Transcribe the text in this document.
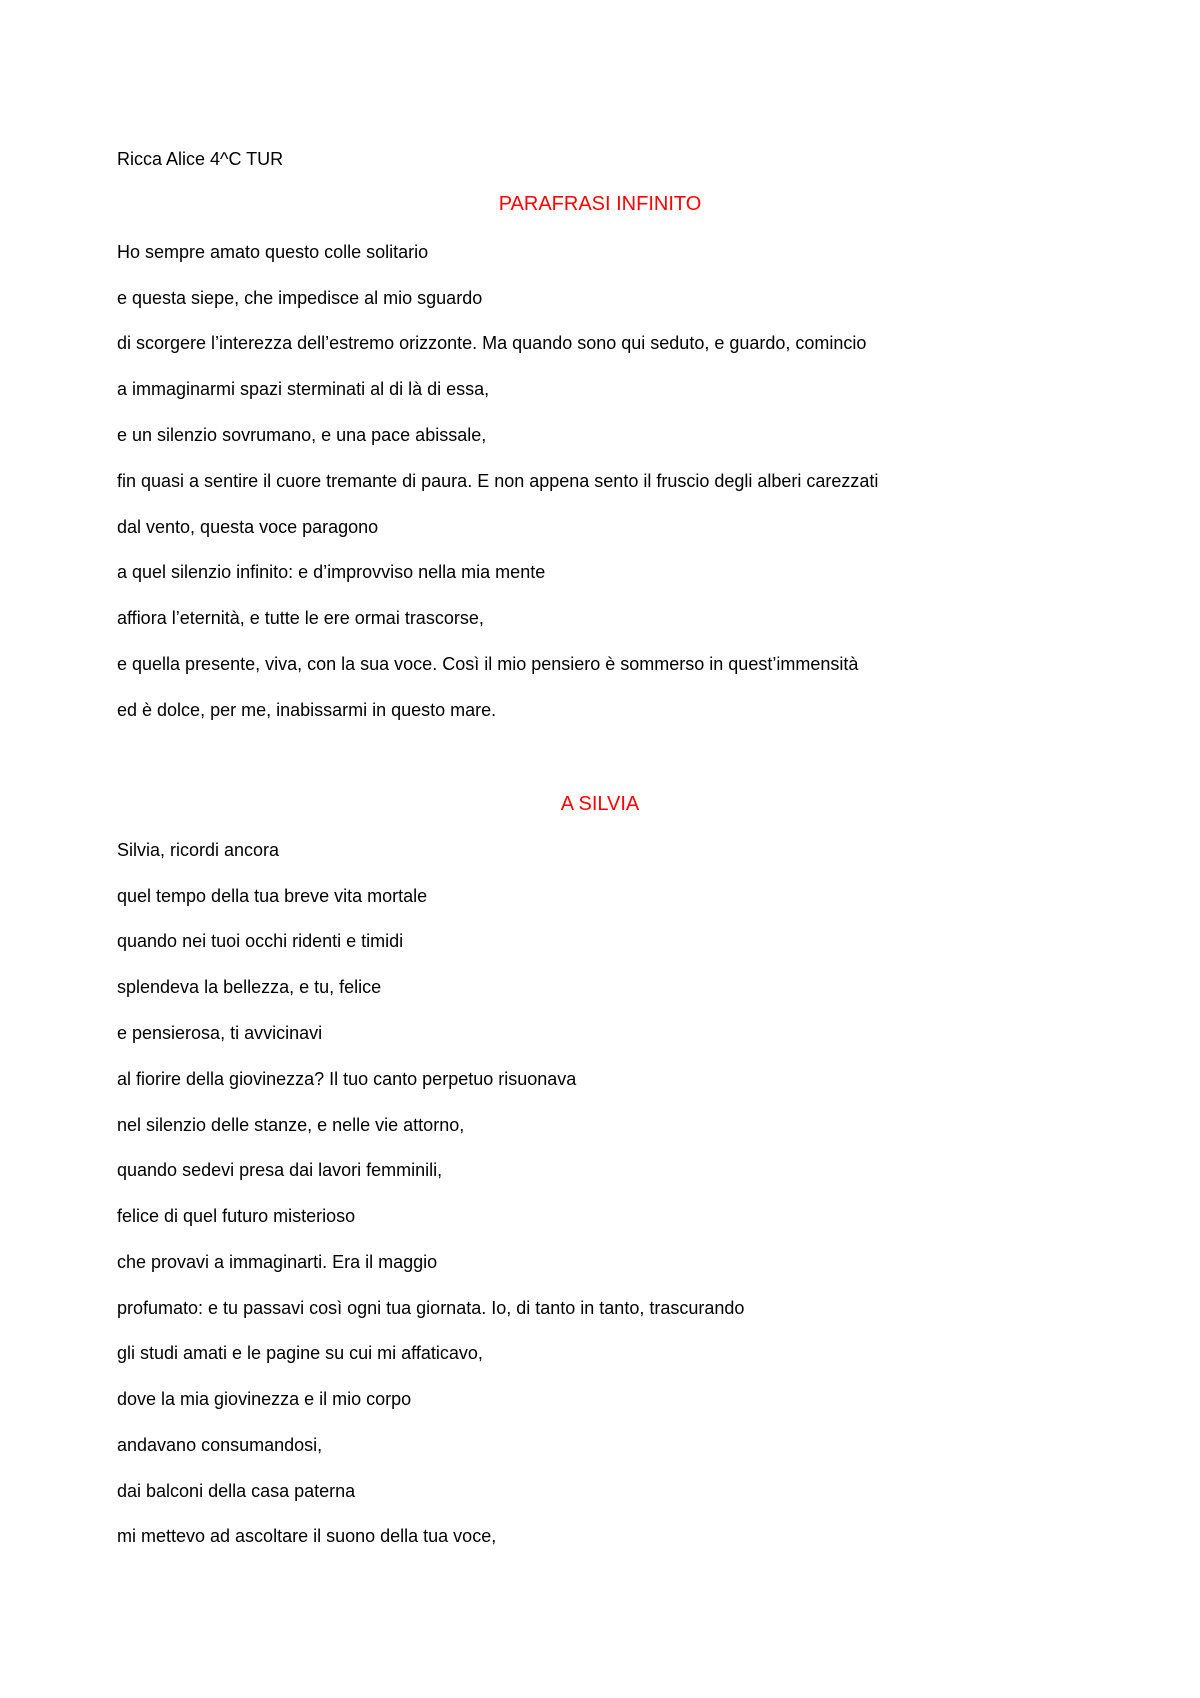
Ricca Alice 4^C TUR

PARAFRASI INFINITO

Ho sempre amato questo colle solitario

e questa siepe, che impedisce al mio sguardo

di scorgere l’interezza dell’estremo orizzonte. Ma quando sono qui seduto, e guardo, comincio

a immaginarmi spazi sterminati al di là di essa,

e un silenzio sovrumano, e una pace abissale,

fin quasi a sentire il cuore tremante di paura. E non appena sento il fruscio degli alberi carezzati

dal vento, questa voce paragono

a quel silenzio infinito: e d’improvviso nella mia mente

affiora l’eternità, e tutte le ere ormai trascorse,

e quella presente, viva, con la sua voce. Così il mio pensiero è sommerso in quest’immensità

ed è dolce, per me, inabissarmi in questo mare.

A SILVIA

Silvia, ricordi ancora

quel tempo della tua breve vita mortale

quando nei tuoi occhi ridenti e timidi

splendeva la bellezza, e tu, felice

e pensierosa, ti avvicinavi

al fiorire della giovinezza? Il tuo canto perpetuo risuonava

nel silenzio delle stanze, e nelle vie attorno,

quando sedevi presa dai lavori femminili,

felice di quel futuro misterioso

che provavi a immaginarti. Era il maggio

profumato: e tu passavi così ogni tua giornata. Io, di tanto in tanto, trascurando

gli studi amati e le pagine su cui mi affaticavo,

dove la mia giovinezza e il mio corpo

andavano consumandosi,

dai balconi della casa paterna

mi mettevo ad ascoltare il suono della tua voce,
